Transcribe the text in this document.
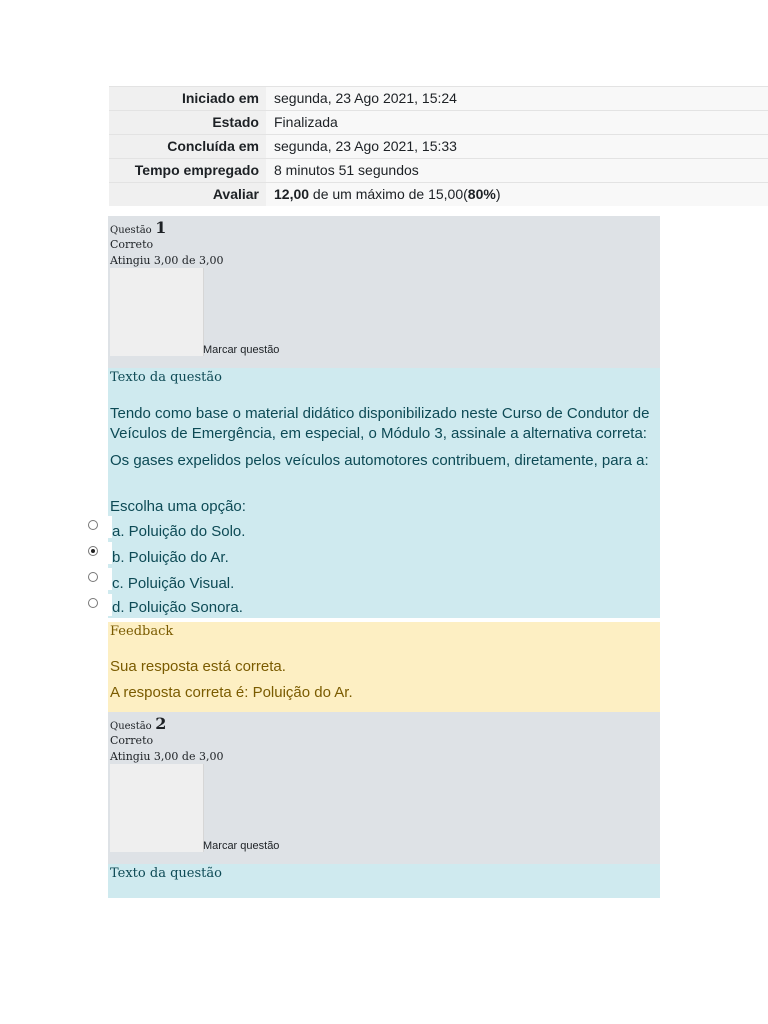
Iniciado em	segunda, 23 Ago 2021, 15:24
Estado	Finalizada
Concluída em	segunda, 23 Ago 2021, 15:33
Tempo empregado	8 minutos 51 segundos
Avaliar	12,00 de um máximo de 15,00(80%)
Questão 1
Correto
Atingiu 3,00 de 3,00
Marcar questão
Texto da questão

Tendo como base o material didático disponibilizado neste Curso de Condutor de Veículos de Emergência, em especial, o Módulo 3, assinale a alternativa correta:

Os gases expelidos pelos veículos automotores contribuem, diretamente, para a:

Escolha uma opção:
a. Poluição do Solo.
b. Poluição do Ar.
c. Poluição Visual.
d. Poluição Sonora.
Feedback
Sua resposta está correta.
A resposta correta é: Poluição do Ar.
Questão 2
Correto
Atingiu 3,00 de 3,00
Marcar questão
Texto da questão
